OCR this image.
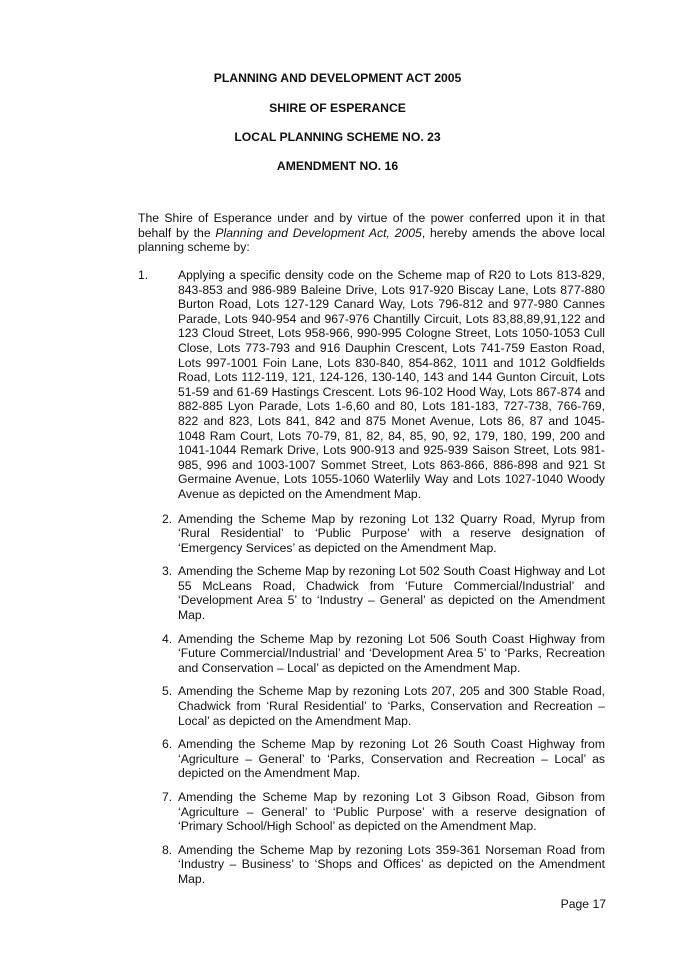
PLANNING AND DEVELOPMENT ACT 2005
SHIRE OF ESPERANCE
LOCAL PLANNING SCHEME NO. 23
AMENDMENT NO. 16

The Shire of Esperance under and by virtue of the power conferred upon it in that behalf by the Planning and Development Act, 2005, hereby amends the above local planning scheme by:

1. Applying a specific density code on the Scheme map of R20 to Lots 813-829, 843-853 and 986-989 Baleine Drive, Lots 917-920 Biscay Lane, Lots 877-880 Burton Road, Lots 127-129 Canard Way, Lots 796-812 and 977-980 Cannes Parade, Lots 940-954 and 967-976 Chantilly Circuit, Lots 83,88,89,91,122 and 123 Cloud Street, Lots 958-966, 990-995 Cologne Street, Lots 1050-1053 Cull Close, Lots 773-793 and 916 Dauphin Crescent, Lots 741-759 Easton Road, Lots 997-1001 Foin Lane, Lots 830-840, 854-862, 1011 and 1012 Goldfields Road, Lots 112-119, 121, 124-126, 130-140, 143 and 144 Gunton Circuit, Lots 51-59 and 61-69 Hastings Crescent. Lots 96-102 Hood Way, Lots 867-874 and 882-885 Lyon Parade, Lots 1-6,60 and 80, Lots 181-183, 727-738, 766-769, 822 and 823, Lots 841, 842 and 875 Monet Avenue, Lots 86, 87 and 1045-1048 Ram Court, Lots 70-79, 81, 82, 84, 85, 90, 92, 179, 180, 199, 200 and 1041-1044 Remark Drive, Lots 900-913 and 925-939 Saison Street, Lots 981-985, 996 and 1003-1007 Sommet Street, Lots 863-866, 886-898 and 921 St Germaine Avenue, Lots 1055-1060 Waterlily Way and Lots 1027-1040 Woody Avenue as depicted on the Amendment Map.
2. Amending the Scheme Map by rezoning Lot 132 Quarry Road, Myrup from ‘Rural Residential’ to ‘Public Purpose’ with a reserve designation of ‘Emergency Services’ as depicted on the Amendment Map.
3. Amending the Scheme Map by rezoning Lot 502 South Coast Highway and Lot 55 McLeans Road, Chadwick from ‘Future Commercial/Industrial’ and ‘Development Area 5’ to ‘Industry – General’ as depicted on the Amendment Map.
4. Amending the Scheme Map by rezoning Lot 506 South Coast Highway from ‘Future Commercial/Industrial’ and ‘Development Area 5’ to ‘Parks, Recreation and Conservation – Local’ as depicted on the Amendment Map.
5. Amending the Scheme Map by rezoning Lots 207, 205 and 300 Stable Road, Chadwick from ‘Rural Residential’ to ‘Parks, Conservation and Recreation – Local’ as depicted on the Amendment Map.
6. Amending the Scheme Map by rezoning Lot 26 South Coast Highway from ‘Agriculture – General’ to ‘Parks, Conservation and Recreation – Local’ as depicted on the Amendment Map.
7. Amending the Scheme Map by rezoning Lot 3 Gibson Road, Gibson from ‘Agriculture – General’ to ‘Public Purpose’ with a reserve designation of ‘Primary School/High School’ as depicted on the Amendment Map.
8. Amending the Scheme Map by rezoning Lots 359-361 Norseman Road from ‘Industry – Business’ to ‘Shops and Offices’ as depicted on the Amendment Map.
Page 17
